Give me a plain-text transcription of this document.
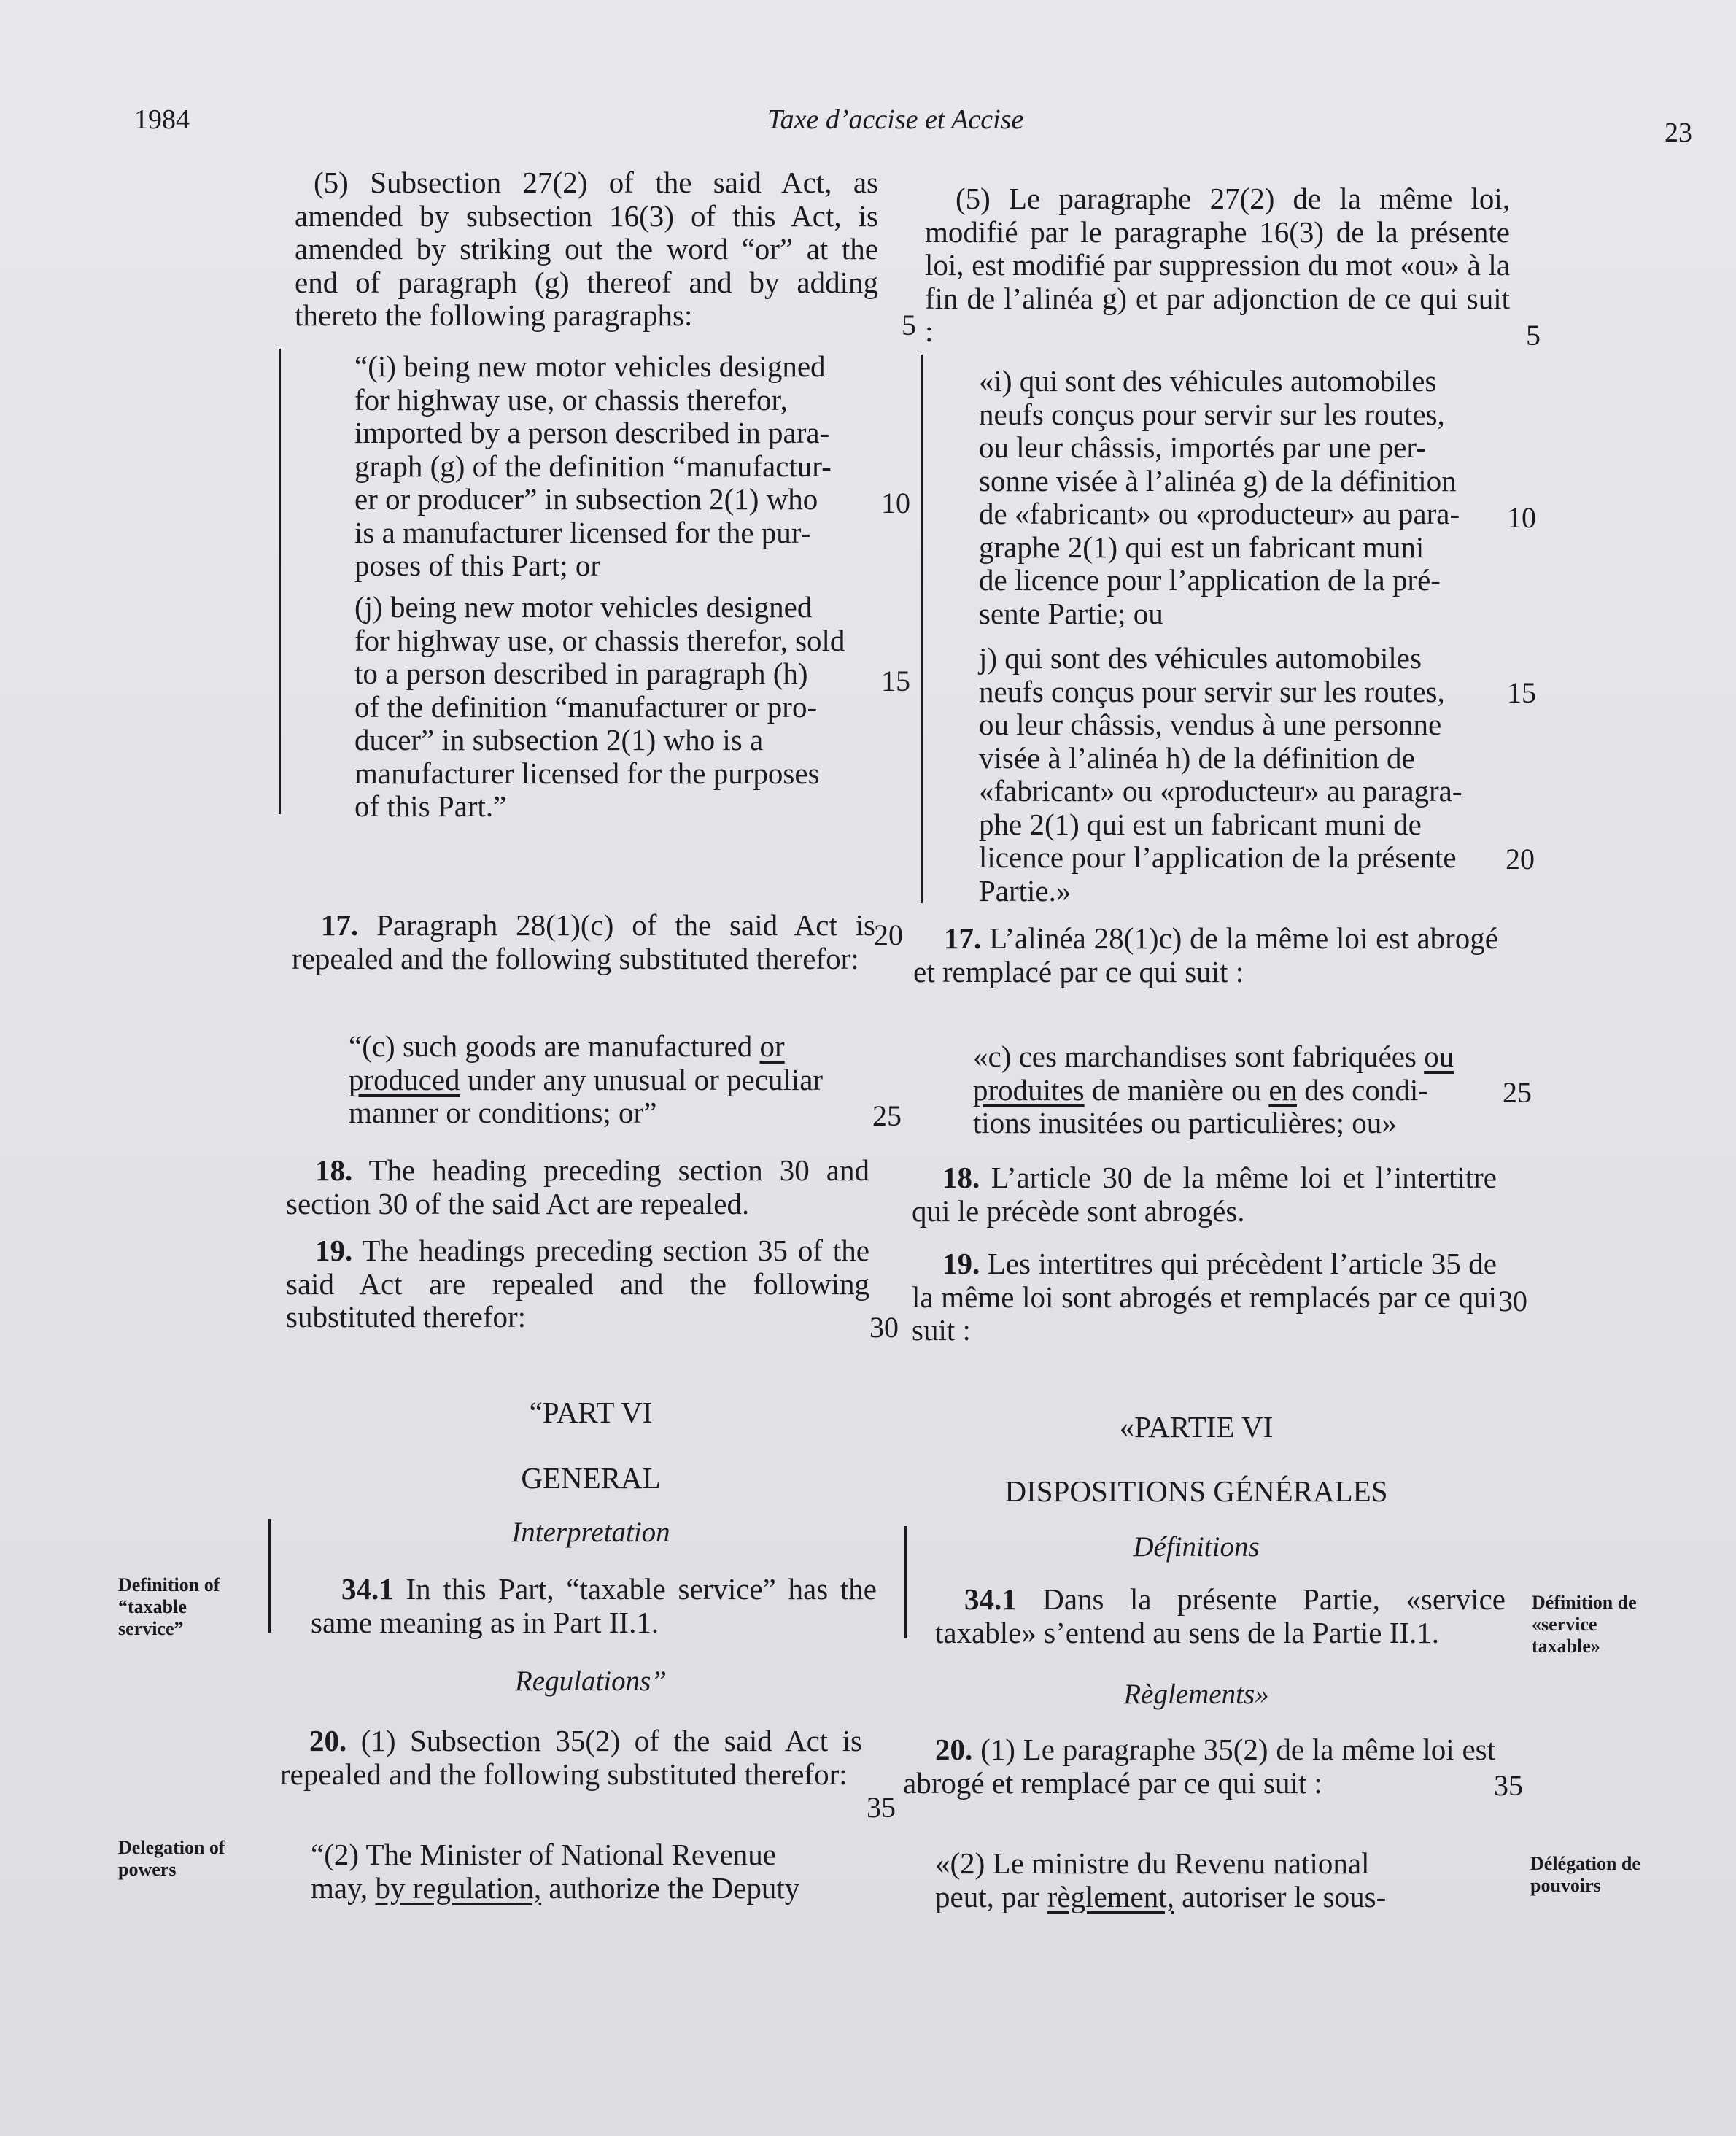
1984	Taxe d’accise et Accise	23

(5) Subsection 27(2) of the said Act, as amended by subsection 16(3) of this Act, is amended by striking out the word “or” at the end of paragraph (g) thereof and by adding thereto the following paragraphs:

“(i) being new motor vehicles designed
for highway use, or chassis therefor,
imported by a person described in para-
graph (g) of the definition “manufactur-
er or producer” in subsection 2(1) who
is a manufacturer licensed for the pur-
poses of this Part; or
(j) being new motor vehicles designed
for highway use, or chassis therefor, sold
to a person described in paragraph (h)
of the definition “manufacturer or pro-
ducer” in subsection 2(1) who is a
manufacturer licensed for the purposes
of this Part.”

17. Paragraph 28(1)(c) of the said Act is repealed and the following substituted therefor:

“(c) such goods are manufactured or
produced under any unusual or peculiar
manner or conditions; or”

18. The heading preceding section 30 and section 30 of the said Act are repealed.

19. The headings preceding section 35 of the said Act are repealed and the following substituted therefor:

“PART VI
GENERAL
Interpretation

34.1 In this Part, “taxable service” has the same meaning as in Part II.1.

Regulations”

20. (1) Subsection 35(2) of the said Act is repealed and the following substituted therefor:

“(2) The Minister of National Revenue
may, by regulation, authorize the Deputy
Definition of
“taxable
service”
Delegation of
powers
5
10
15
20
25
30
35

(5) Le paragraphe 27(2) de la même loi, modifié par le paragraphe 16(3) de la présente loi, est modifié par suppression du mot «ou» à la fin de l’alinéa g) et par adjonction de ce qui suit :

«i) qui sont des véhicules automobiles
neufs conçus pour servir sur les routes,
ou leur châssis, importés par une per-
sonne visée à l’alinéa g) de la définition
de «fabricant» ou «producteur» au para-
graphe 2(1) qui est un fabricant muni
de licence pour l’application de la pré-
sente Partie; ou
j) qui sont des véhicules automobiles
neufs conçus pour servir sur les routes,
ou leur châssis, vendus à une personne
visée à l’alinéa h) de la définition de
«fabricant» ou «producteur» au paragra-
phe 2(1) qui est un fabricant muni de
licence pour l’application de la présente
Partie.»

17. L’alinéa 28(1)c) de la même loi est abrogé et remplacé par ce qui suit :

«c) ces marchandises sont fabriquées ou
produites de manière ou en des condi-
tions inusitées ou particulières; ou»

18. L’article 30 de la même loi et l’intertitre qui le précède sont abrogés.

19. Les intertitres qui précèdent l’article 35 de la même loi sont abrogés et remplacés par ce qui suit :

«PARTIE VI
DISPOSITIONS GÉNÉRALES
Définitions

34.1 Dans la présente Partie, «service taxable» s’entend au sens de la Partie II.1.

Règlements»

20. (1) Le paragraphe 35(2) de la même loi est abrogé et remplacé par ce qui suit :

«(2) Le ministre du Revenu national
peut, par règlement, autoriser le sous-
Définition de
«service
taxable»
Délégation de
pouvoirs
5
10
15
20
25
30
35
